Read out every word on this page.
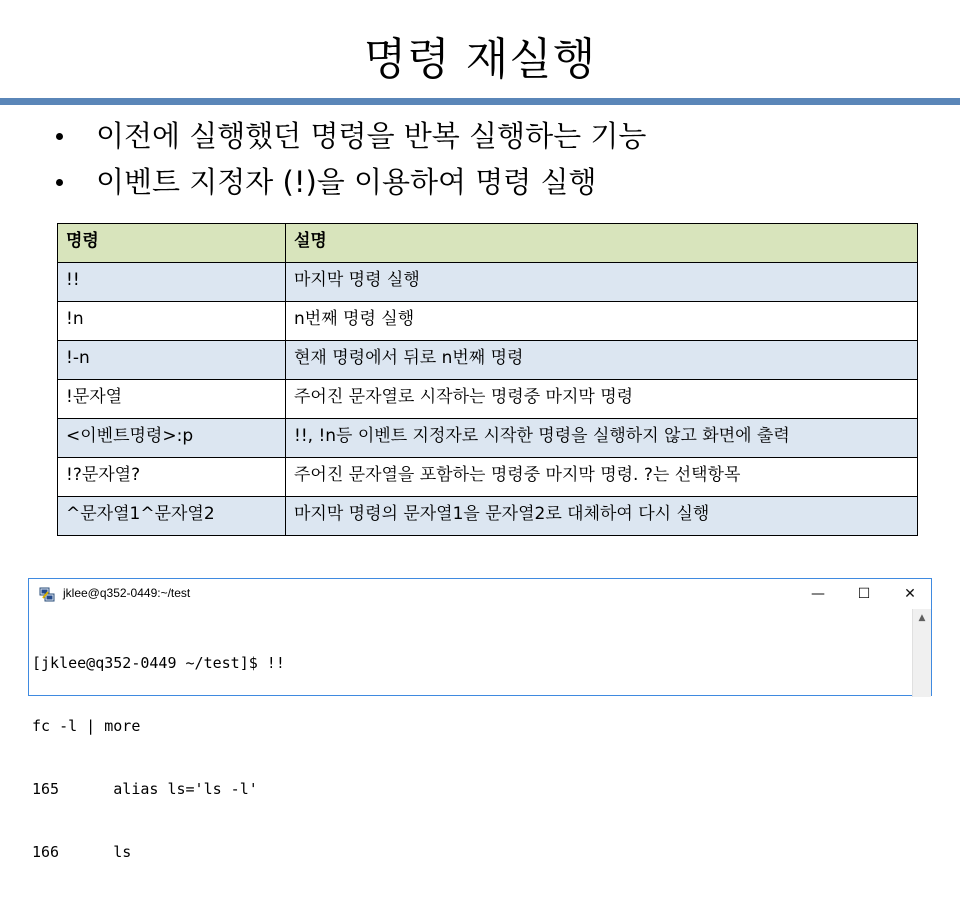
명령 재실행
이전에 실행했던 명령을 반복 실행하는 기능
이벤트 지정자 (!)을 이용하여 명령 실행
명령	설명
!!	마지막 명령 실행
!n	n번째 명령 실행
!-n	현재 명령에서 뒤로 n번째 명령
!문자열	주어진 문자열로 시작하는 명령중 마지막 명령
<이벤트명령>:p	!!, !n등 이벤트 지정자로 시작한 명령을 실행하지 않고 화면에 출력
!?문자열?	주어진 문자열을 포함하는 명령중 마지막 명령. ?는 선택항목
^문자열1^문자열2	마지막 명령의 문자열1을 문자열2로 대체하여 다시 실행
jklee@q352-0449:~/test	—	☐	✕

[jklee@q352-0449 ~/test]$ !!

fc -l | more

165      alias ls='ls -l'

166      ls

▲
